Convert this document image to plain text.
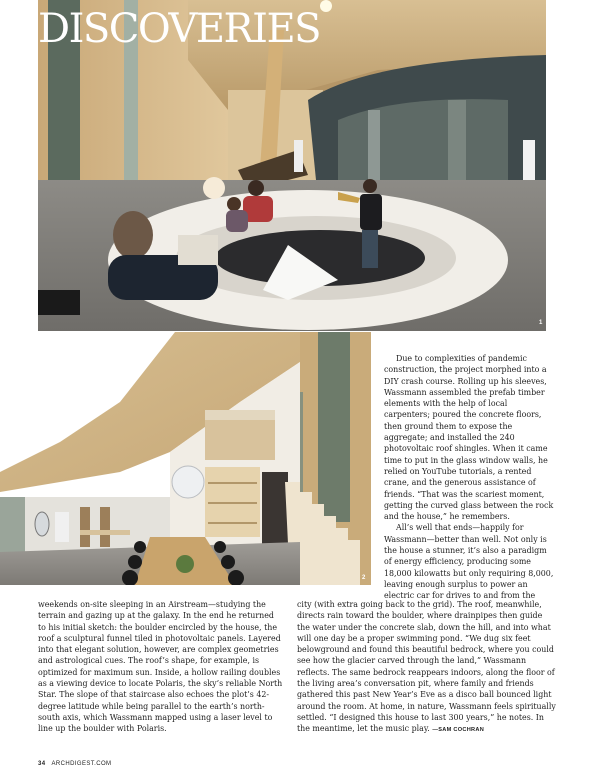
1
DISCOVERIES

2

Due to complexities of pandemic construction, the project morphed into a DIY crash course. Rolling up his sleeves, Wassmann assembled the prefab timber elements with the help of local carpenters; poured the concrete floors, then ground them to expose the aggregate; and installed the 240 photovoltaic roof shingles. When it came time to put in the glass window walls, he relied on YouTube tutorials, a rented crane, and the generous assistance of friends. “That was the scariest moment, getting the curved glass between the rock and the house,” he remembers.

All’s well that ends—happily for Wassmann—better than well. Not only is the house a stunner, it’s also a paradigm of energy efficiency, producing some 18,000 kilowatts but only requiring 8,000, leaving enough surplus to power an electric car for drives to and from the

weekends on-site sleeping in an Airstream—studying the terrain and gazing up at the galaxy. In the end he returned to his initial sketch: the boulder encircled by the house, the roof a sculptural funnel tiled in photovoltaic panels. Layered into that elegant solution, however, are complex geometries and astrological cues. The roof’s shape, for example, is optimized for maximum sun. Inside, a hollow railing doubles as a viewing device to locate Polaris, the sky’s reliable North Star. The slope of that staircase also echoes the plot’s 42-degree latitude while being parallel to the earth’s north-south axis, which Wassmann mapped using a laser level to line up the boulder with Polaris.

city (with extra going back to the grid). The roof, meanwhile, directs rain toward the boulder, where drainpipes then guide the water under the concrete slab, down the hill, and into what will one day be a proper swimming pond. “We dug six feet belowground and found this beautiful bedrock, where you could see how the glacier carved through the land,” Wassmann reflects. The same bedrock reappears indoors, along the floor of the living area’s conversation pit, where family and friends gathered this past New Year’s Eve as a disco ball bounced light around the room. At home, in nature, Wassmann feels spiritually settled. “I designed this house to last 300 years,” he notes. In the meantime, let the music play. —SAM COCHRAN

34 ARCHDIGEST.COM
